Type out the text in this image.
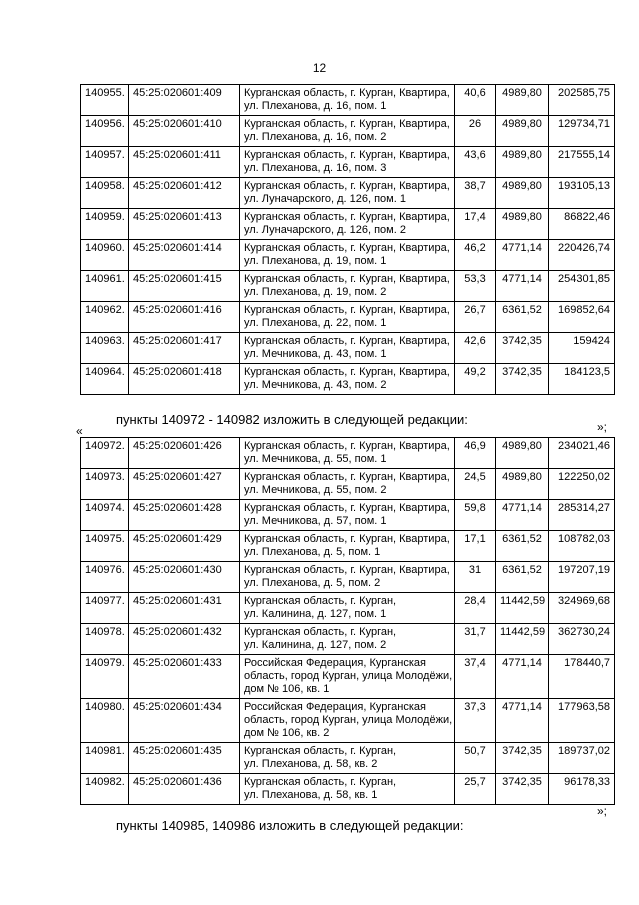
12
140955.	45:25:020601:409	Курганская область, г. Курган, Квартира,
ул. Плеханова, д. 16, пом. 1	40,6	4989,80	202585,75
140956.	45:25:020601:410	Курганская область, г. Курган, Квартира,
ул. Плеханова, д. 16, пом. 2	26	4989,80	129734,71
140957.	45:25:020601:411	Курганская область, г. Курган, Квартира,
ул. Плеханова, д. 16, пом. 3	43,6	4989,80	217555,14
140958.	45:25:020601:412	Курганская область, г. Курган, Квартира,
ул. Луначарского, д. 126, пом. 1	38,7	4989,80	193105,13
140959.	45:25:020601:413	Курганская область, г. Курган, Квартира,
ул. Луначарского, д. 126, пом. 2	17,4	4989,80	86822,46
140960.	45:25:020601:414	Курганская область, г. Курган, Квартира,
ул. Плеханова, д. 19, пом. 1	46,2	4771,14	220426,74
140961.	45:25:020601:415	Курганская область, г. Курган, Квартира,
ул. Плеханова, д. 19, пом. 2	53,3	4771,14	254301,85
140962.	45:25:020601:416	Курганская область, г. Курган, Квартира,
ул. Плеханова, д. 22, пом. 1	26,7	6361,52	169852,64
140963.	45:25:020601:417	Курганская область, г. Курган, Квартира,
ул. Мечникова, д. 43, пом. 1	42,6	3742,35	159424
140964.	45:25:020601:418	Курганская область, г. Курган, Квартира,
ул. Мечникова, д. 43, пом. 2	49,2	3742,35	184123,5
»;
пункты 140972 - 140982 изложить в следующей редакции:
«
140972.	45:25:020601:426	Курганская область, г. Курган, Квартира,
ул. Мечникова, д. 55, пом. 1	46,9	4989,80	234021,46
140973.	45:25:020601:427	Курганская область, г. Курган, Квартира,
ул. Мечникова, д. 55, пом. 2	24,5	4989,80	122250,02
140974.	45:25:020601:428	Курганская область, г. Курган, Квартира,
ул. Мечникова, д. 57, пом. 1	59,8	4771,14	285314,27
140975.	45:25:020601:429	Курганская область, г. Курган, Квартира,
ул. Плеханова, д. 5, пом. 1	17,1	6361,52	108782,03
140976.	45:25:020601:430	Курганская область, г. Курган, Квартира,
ул. Плеханова, д. 5, пом. 2	31	6361,52	197207,19
140977.	45:25:020601:431	Курганская область, г. Курган,
ул. Калинина, д. 127, пом. 1	28,4	11442,59	324969,68
140978.	45:25:020601:432	Курганская область, г. Курган,
ул. Калинина, д. 127, пом. 2	31,7	11442,59	362730,24
140979.	45:25:020601:433	Российская Федерация, Курганская
область, город Курган, улица Молодёжи,
дом № 106, кв. 1	37,4	4771,14	178440,7
140980.	45:25:020601:434	Российская Федерация, Курганская
область, город Курган, улица Молодёжи,
дом № 106, кв. 2	37,3	4771,14	177963,58
140981.	45:25:020601:435	Курганская область, г. Курган,
ул. Плеханова, д. 58, кв. 2	50,7	3742,35	189737,02
140982.	45:25:020601:436	Курганская область, г. Курган,
ул. Плеханова, д. 58, кв. 1	25,7	3742,35	96178,33
»;
пункты 140985, 140986 изложить в следующей редакции:
